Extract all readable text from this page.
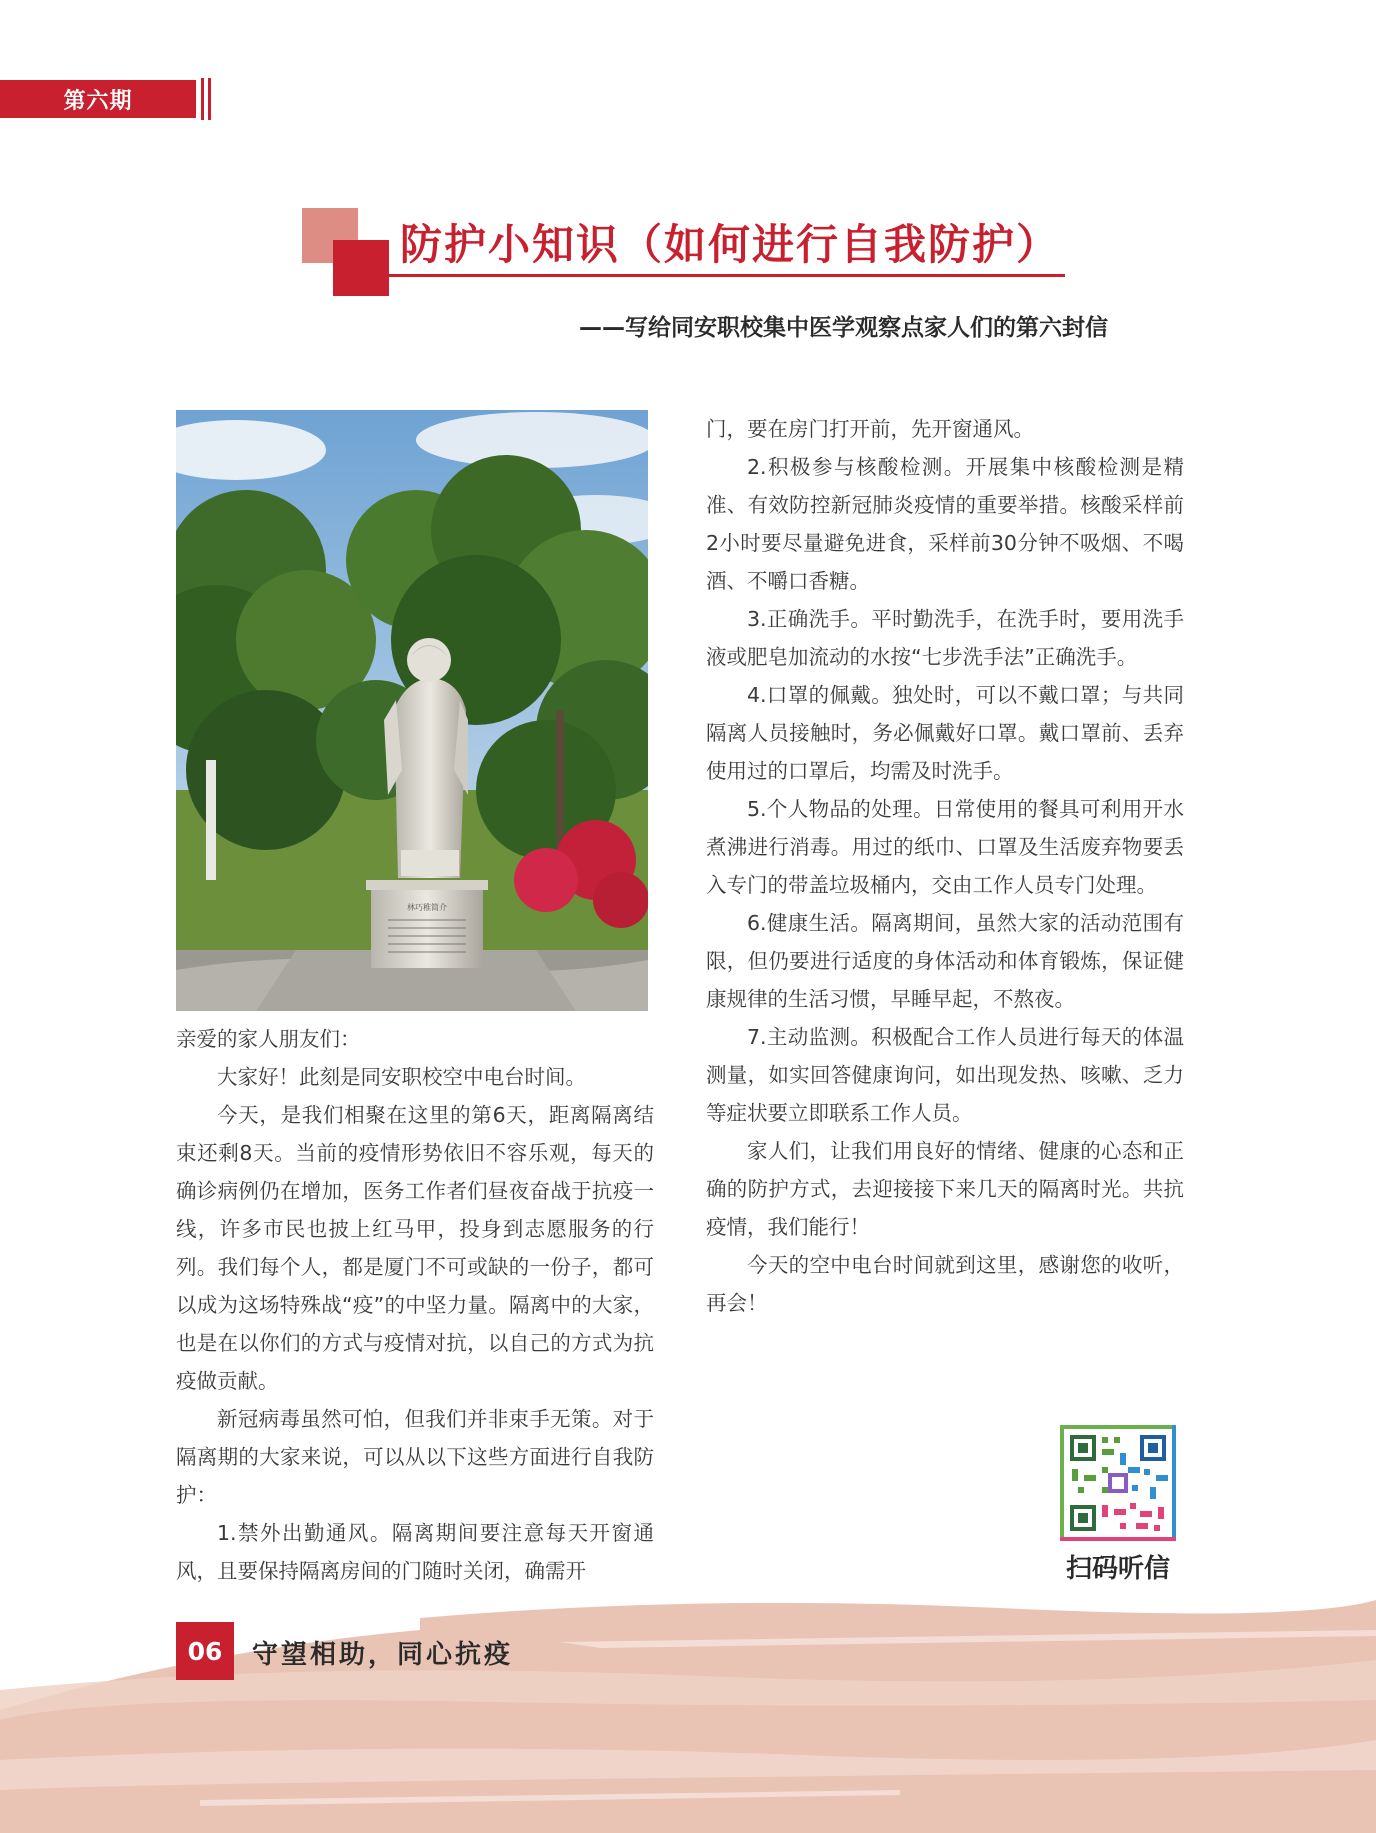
第六期
防护小知识（如何进行自我防护）
——写给同安职校集中医学观察点家人们的第六封信
林巧稚简介

亲爱的家人朋友们：

大家好！此刻是同安职校空中电台时间。

今天，是我们相聚在这里的第6天，距离隔离结束还剩8天。当前的疫情形势依旧不容乐观，每天的确诊病例仍在增加，医务工作者们昼夜奋战于抗疫一线，许多市民也披上红马甲，投身到志愿服务的行列。我们每个人，都是厦门不可或缺的一份子，都可以成为这场特殊战“疫”的中坚力量。隔离中的大家，也是在以你们的方式与疫情对抗，以自己的方式为抗疫做贡献。

新冠病毒虽然可怕，但我们并非束手无策。对于隔离期的大家来说，可以从以下这些方面进行自我防护：

1.禁外出勤通风。隔离期间要注意每天开窗通风，且要保持隔离房间的门随时关闭，确需开

门，要在房门打开前，先开窗通风。

2.积极参与核酸检测。开展集中核酸检测是精准、有效防控新冠肺炎疫情的重要举措。核酸采样前2小时要尽量避免进食，采样前30分钟不吸烟、不喝酒、不嚼口香糖。

3.正确洗手。平时勤洗手，在洗手时，要用洗手液或肥皂加流动的水按“七步洗手法”正确洗手。

4.口罩的佩戴。独处时，可以不戴口罩；与共同隔离人员接触时，务必佩戴好口罩。戴口罩前、丢弃使用过的口罩后，均需及时洗手。

5.个人物品的处理。日常使用的餐具可利用开水煮沸进行消毒。用过的纸巾、口罩及生活废弃物要丢入专门的带盖垃圾桶内，交由工作人员专门处理。

6.健康生活。隔离期间，虽然大家的活动范围有限，但仍要进行适度的身体活动和体育锻炼，保证健康规律的生活习惯，早睡早起，不熬夜。

7.主动监测。积极配合工作人员进行每天的体温测量，如实回答健康询问，如出现发热、咳嗽、乏力等症状要立即联系工作人员。

家人们，让我们用良好的情绪、健康的心态和正确的防护方式，去迎接接下来几天的隔离时光。共抗疫情，我们能行！

今天的空中电台时间就到这里，感谢您的收听，再会！

扫码听信
06	守望相助，同心抗疫
